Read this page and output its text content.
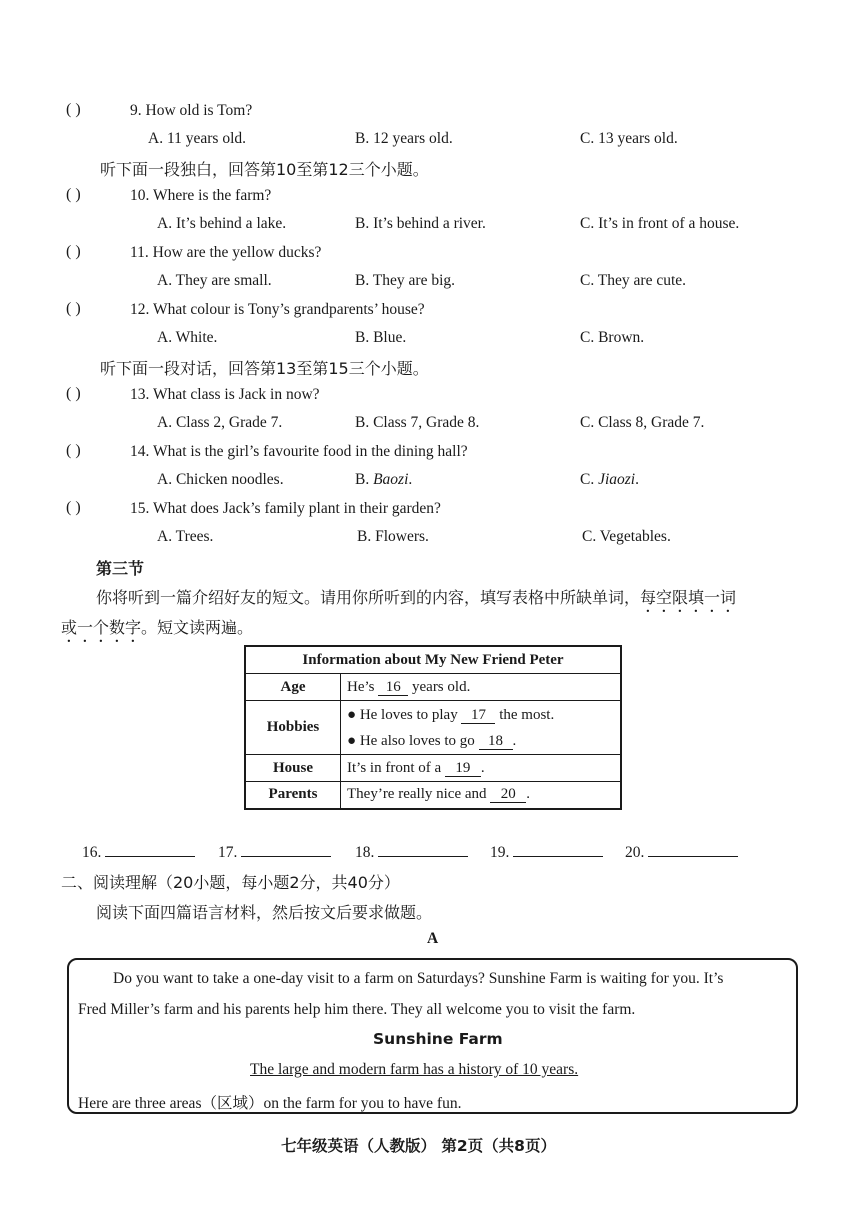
( )	9. How old is Tom?
A. 11 years old.	B. 12 years old.	C. 13 years old.
听下面一段独白，回答第10至第12三个小题。
( )	10. Where is the farm?
A. It’s behind a lake.	B. It’s behind a river.	C. It’s in front of a house.
( )	11. How are the yellow ducks?
A. They are small.	B. They are big.	C. They are cute.
( )	12. What colour is Tony’s grandparents’ house?
A. White.	B. Blue.	C. Brown.
听下面一段对话，回答第13至第15三个小题。
( )	13. What class is Jack in now?
A. Class 2, Grade 7.	B. Class 7, Grade 8.	C. Class 8, Grade 7.
( )	14. What is the girl’s favourite food in the dining hall?
A. Chicken noodles.	B. Baozi.	C. Jiaozi.
( )	15. What does Jack’s family plant in their garden?
A. Trees.	B. Flowers.	C. Vegetables.
第三节
你将听到一篇介绍好友的短文。请用你所听到的内容，填写表格中所缺单词，每空限填一词
或一个数字。短文读两遍。
Information about My New Friend Peter	
Age	He’s 16 years old.
Hobbies	● He loves to play 17 the most.
● He also loves to go 18 .

House	It’s in front of a 19 .
Parents	They’re really nice and 20 .
16.	17.	18.	19.	20.
二、阅读理解（20小题，每小题2分，共40分）
阅读下面四篇语言材料，然后按文后要求做题。
A

Do you want to take a one-day visit to a farm on Saturdays? Sunshine Farm is waiting for you. It’s

Fred Miller’s farm and his parents help him there. They all welcome you to visit the farm.

Sunshine Farm

The large and modern farm has a history of 10 years.

Here are three areas（区域）on the farm for you to have fun.

七年级英语（人教版） 第2页（共8页）
